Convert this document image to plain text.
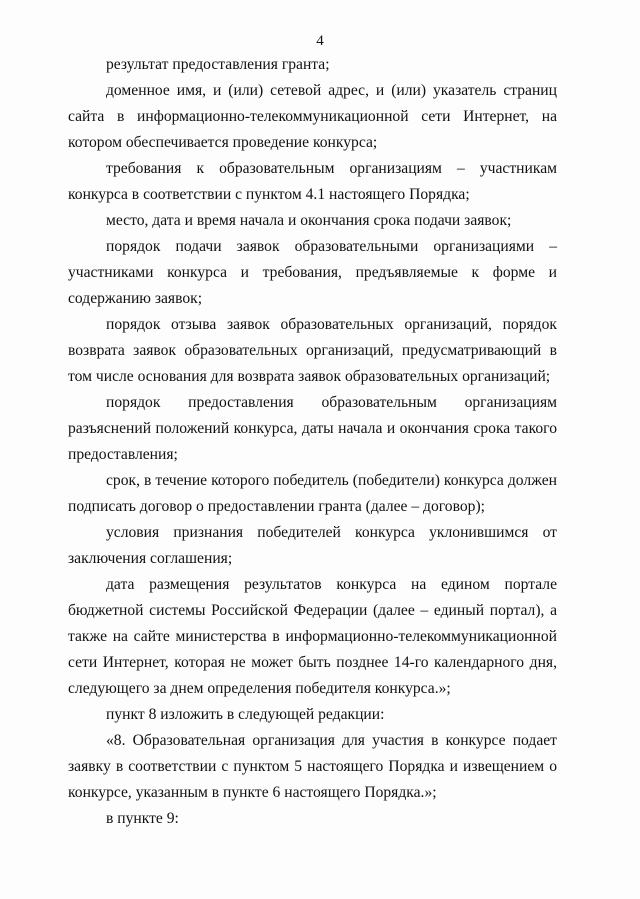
4

результат предоставления гранта;

доменное имя, и (или) сетевой адрес, и (или) указатель страниц сайта в информационно-телекоммуникационной сети Интернет, на котором обеспечивается проведение конкурса;

требования к образовательным организациям – участникам конкурса в соответствии с пунктом 4.1 настоящего Порядка;

место, дата и время начала и окончания срока подачи заявок;

порядок подачи заявок образовательными организациями – участниками конкурса и требования, предъявляемые к форме и содержанию заявок;

порядок отзыва заявок образовательных организаций, порядок возврата заявок образовательных организаций, предусматривающий в том числе основания для возврата заявок образовательных организаций;

порядок предоставления образовательным организациям разъяснений положений конкурса, даты начала и окончания срока такого предоставления;

срок, в течение которого победитель (победители) конкурса должен подписать договор о предоставлении гранта (далее – договор);

условия признания победителей конкурса уклонившимся от заключения соглашения;

дата размещения результатов конкурса на едином портале бюджетной системы Российской Федерации (далее – единый портал), а также на сайте министерства в информационно-телекоммуникационной сети Интернет, которая не может быть позднее 14-го календарного дня, следующего за днем определения победителя конкурса.»;

пункт 8 изложить в следующей редакции:

«8. Образовательная организация для участия в конкурсе подает заявку в соответствии с пунктом 5 настоящего Порядка и извещением о конкурсе, указанным в пункте 6 настоящего Порядка.»;

в пункте 9:
